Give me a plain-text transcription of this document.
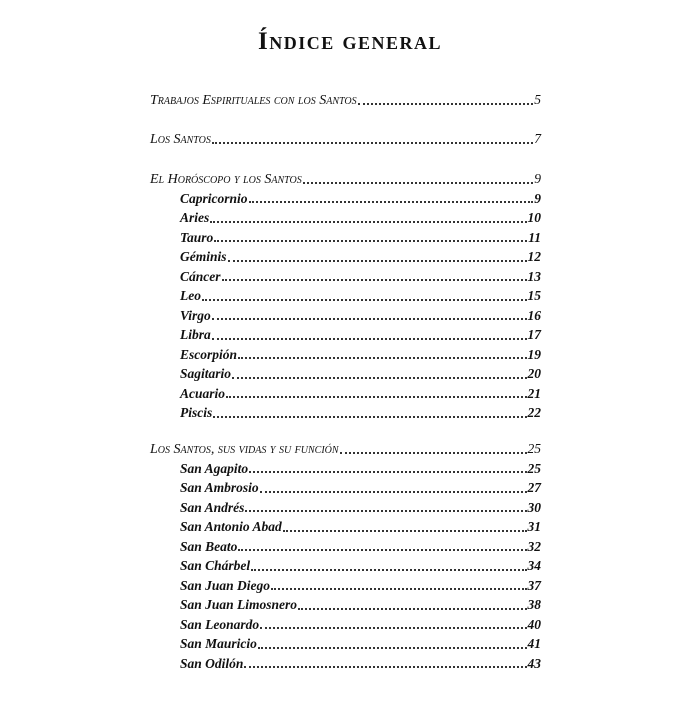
Índice general
Trabajos Espirituales con los Santos	5
Los Santos	7
El Horóscopo y los Santos	9
Capricornio	9
Aries	10
Tauro	11
Géminis	12
Cáncer	13
Leo	15
Virgo	16
Libra	17
Escorpión	19
Sagitario	20
Acuario	21
Piscis	22
Los Santos, sus vidas y su función	25
San Agapito	25
San Ambrosio	27
San Andrés	30
San Antonio Abad	31
San Beato	32
San Chárbel	34
San Juan Diego	37
San Juan Limosnero	38
San Leonardo	40
San Mauricio	41
San Odilón	43
